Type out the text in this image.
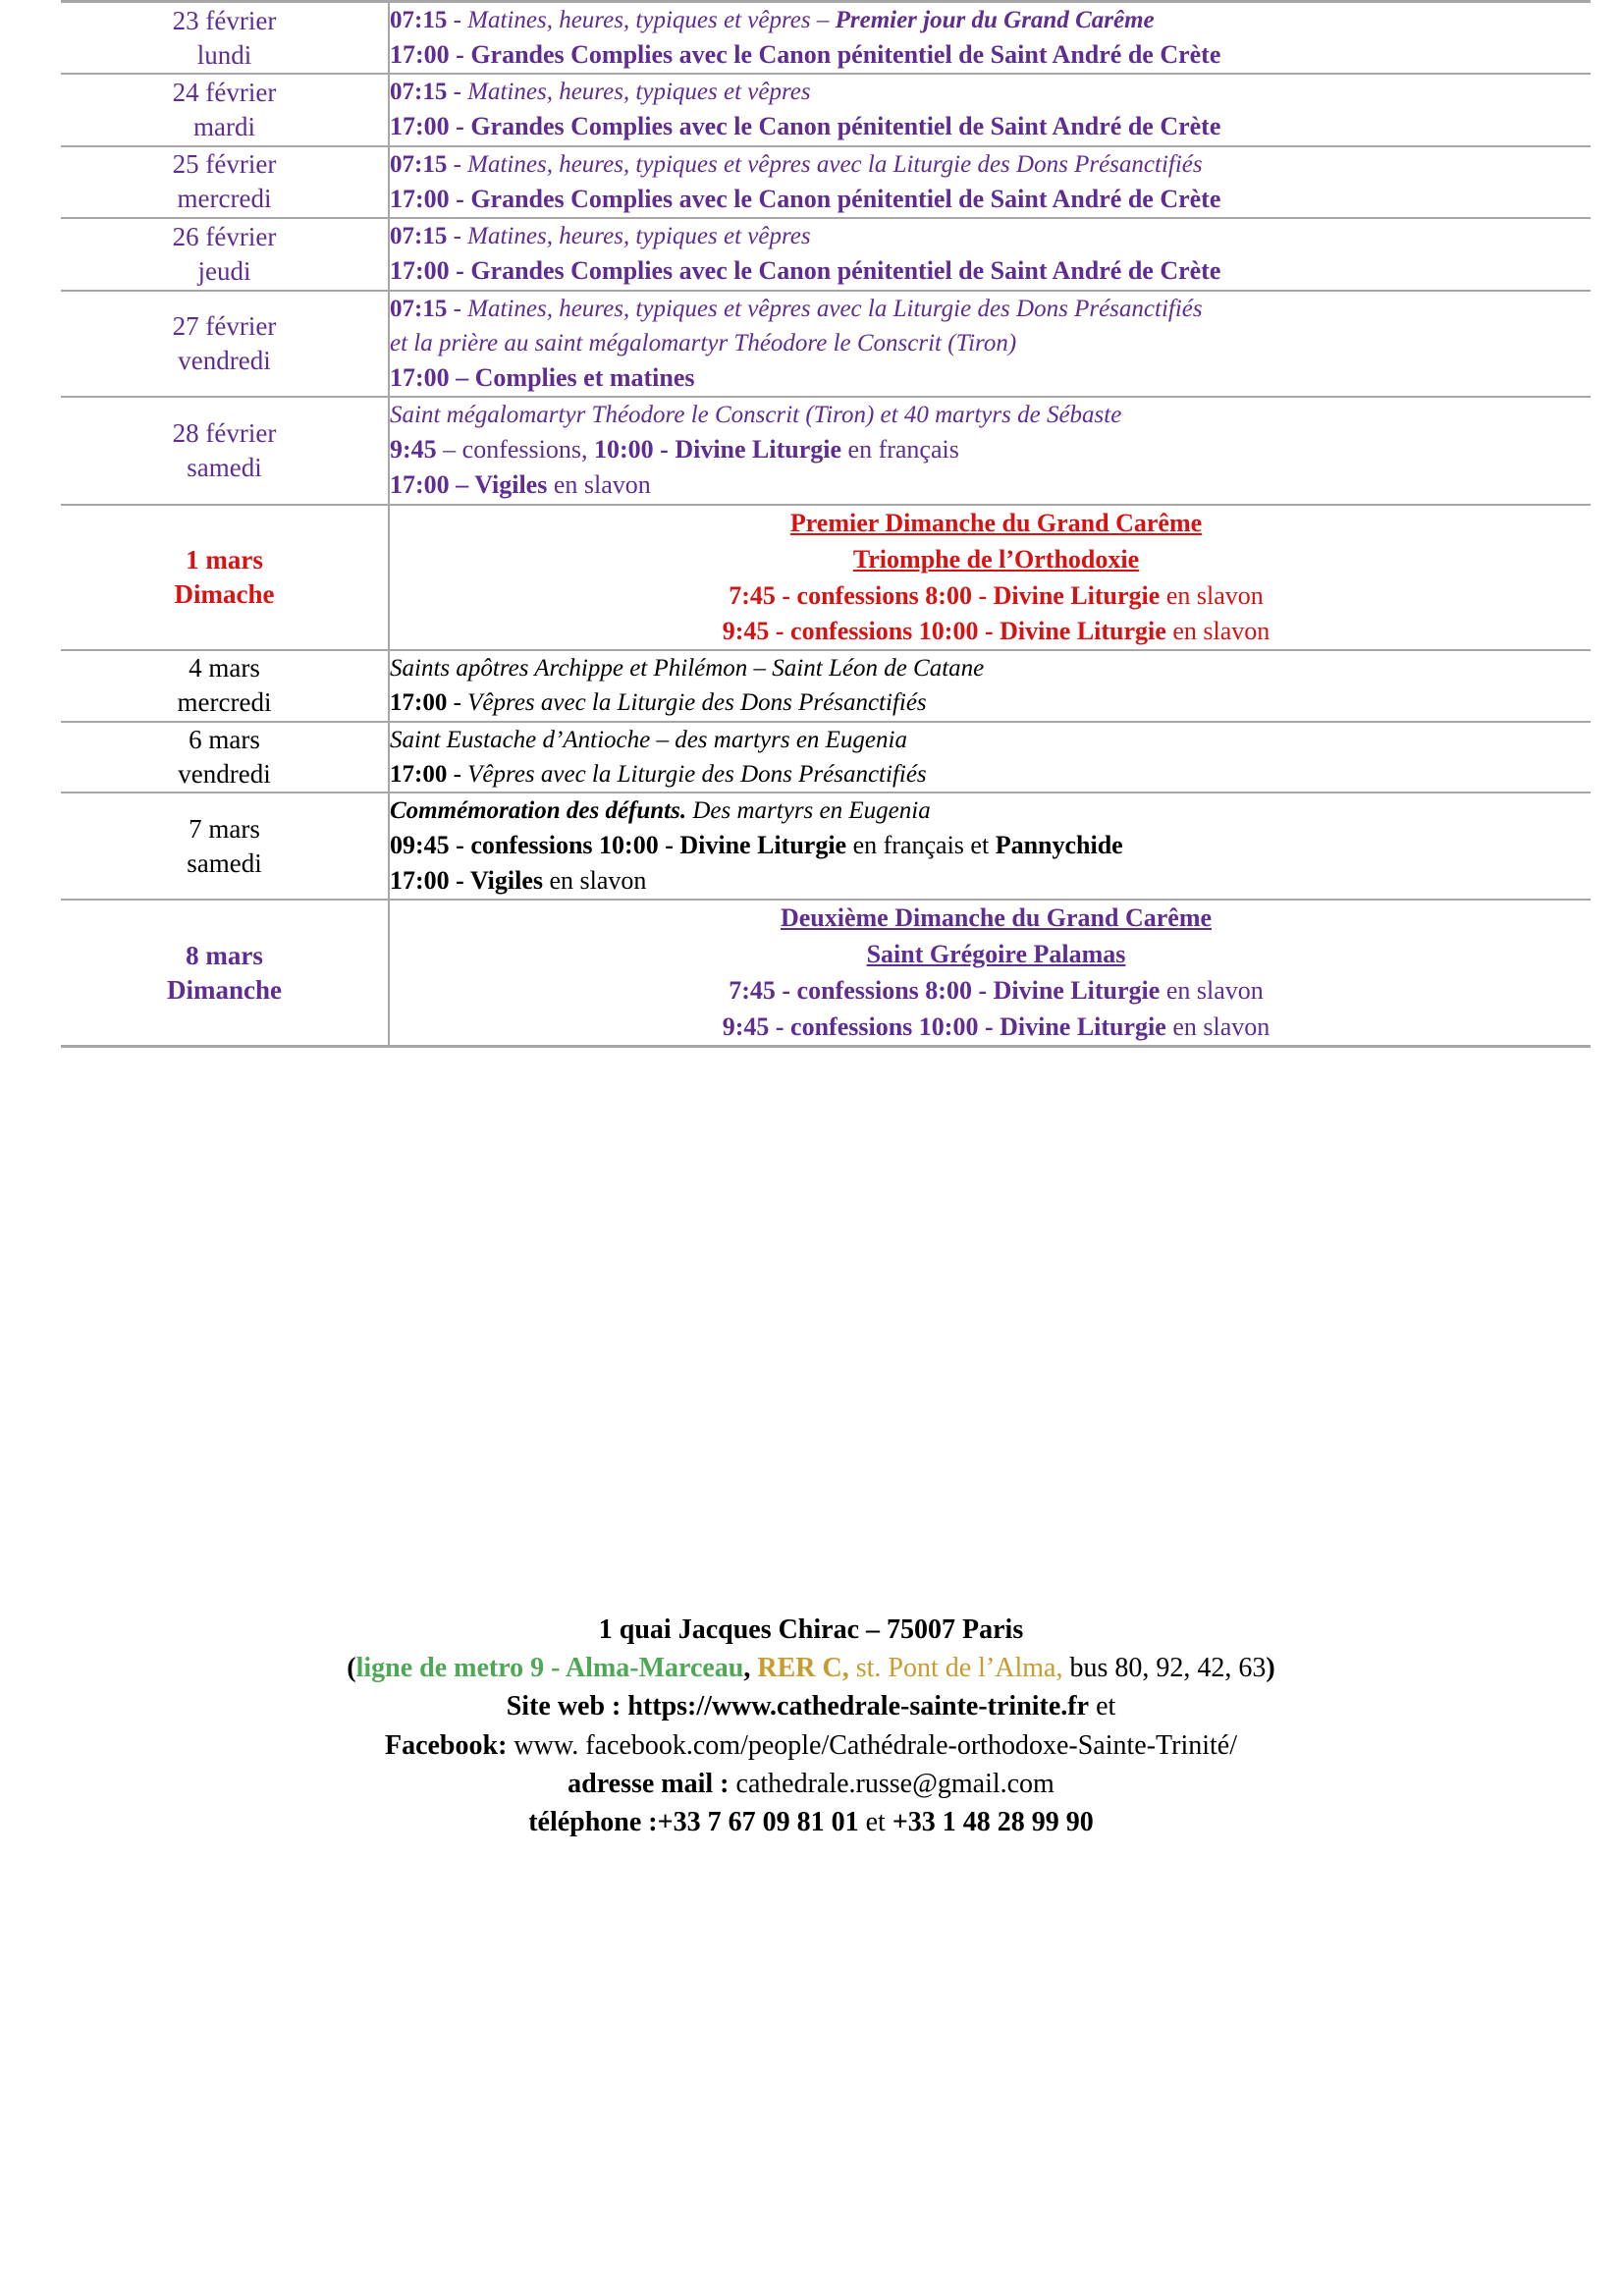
23 février
lundi	07:15 - Matines, heures, typiques et vêpres – Premier jour du Grand Carême
17:00 - Grandes Complies avec le Canon pénitentiel de Saint André de Crète

24 février
mardi	07:15 - Matines, heures, typiques et vêpres
17:00 - Grandes Complies avec le Canon pénitentiel de Saint André de Crète

25 février
mercredi	07:15 - Matines, heures, typiques et vêpres avec la Liturgie des Dons Présanctifiés
17:00 - Grandes Complies avec le Canon pénitentiel de Saint André de Crète

26 février
jeudi	07:15 - Matines, heures, typiques et vêpres
17:00 - Grandes Complies avec le Canon pénitentiel de Saint André de Crète

27 février
vendredi	07:15 - Matines, heures, typiques et vêpres avec la Liturgie des Dons Présanctifiés
et la prière au saint mégalomartyr Théodore le Conscrit (Tiron)
17:00 – Complies et matines

28 février
samedi	Saint mégalomartyr Théodore le Conscrit (Tiron) et 40 martyrs de Sébaste
9:45 – confessions, 10:00 - Divine Liturgie en français
17:00 – Vigiles en slavon

1 mars
Dimache	Premier Dimanche du Grand Carême
Triomphe de l’Orthodoxie
7:45 - confessions 8:00 - Divine Liturgie en slavon
9:45 - confessions 10:00 - Divine Liturgie en slavon

4 mars
mercredi	Saints apôtres Archippe et Philémon – Saint Léon de Catane
17:00 - Vêpres avec la Liturgie des Dons Présanctifiés

6 mars
vendredi	Saint Eustache d’Antioche – des martyrs en Eugenia
17:00 - Vêpres avec la Liturgie des Dons Présanctifiés

7 mars
samedi	Commémoration des défunts. Des martyrs en Eugenia
09:45 - confessions 10:00 - Divine Liturgie en français et Pannychide
17:00 - Vigiles en slavon

8 mars
Dimanche	Deuxième Dimanche du Grand Carême
Saint Grégoire Palamas
7:45 - confessions 8:00 - Divine Liturgie en slavon
9:45 - confessions 10:00 - Divine Liturgie en slavon
1 quai Jacques Chirac – 75007 Paris
(ligne de metro 9 - Alma-Marceau, RER C, st. Pont de l’Alma, bus 80, 92, 42, 63)
Site web : https://www.cathedrale-sainte-trinite.fr et
Facebook: www. facebook.com/people/Cathédrale-orthodoxe-Sainte-Trinité/
adresse mail : cathedrale.russe@gmail.com
téléphone :+33 7 67 09 81 01 et +33 1 48 28 99 90
